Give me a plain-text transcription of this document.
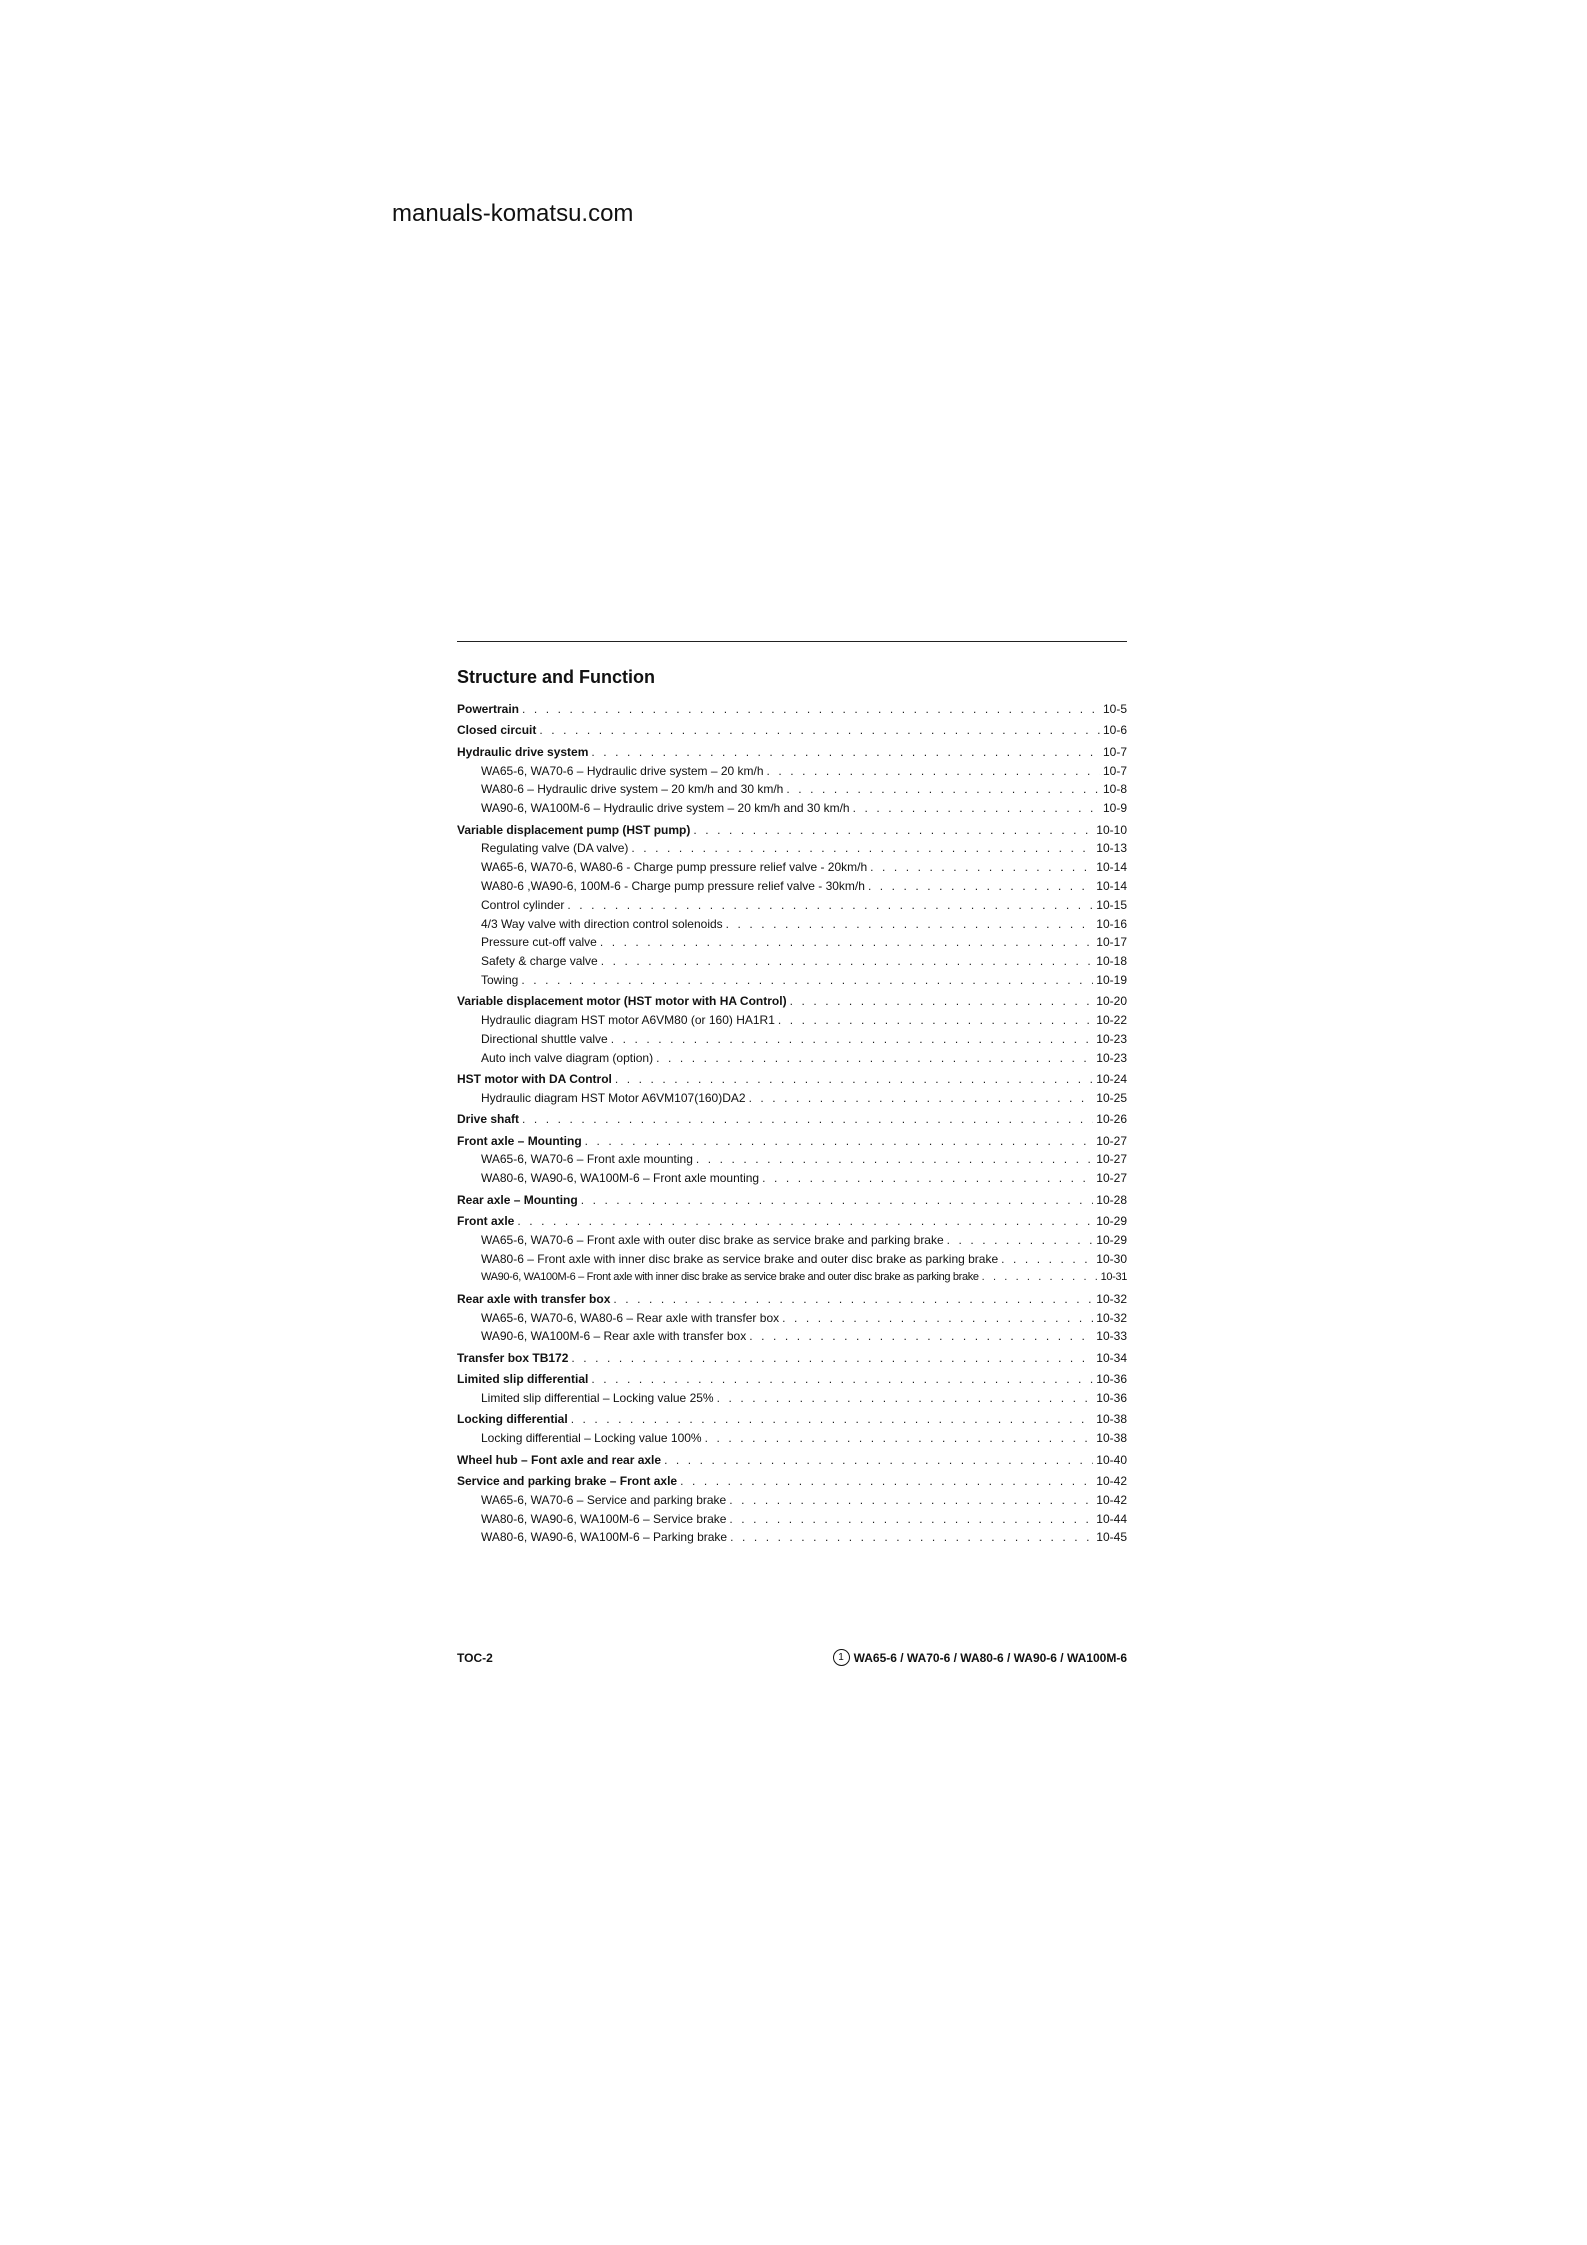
manuals-komatsu.com
Structure and Function
Powertrain . . .	10-5
Closed circuit . . .	10-6
Hydraulic drive system . . .	10-7
WA65-6, WA70-6 – Hydraulic drive system – 20 km/h . . .	10-7
WA80-6 – Hydraulic drive system – 20 km/h and 30 km/h . . .	10-8
WA90-6, WA100M-6 – Hydraulic drive system – 20 km/h and 30 km/h . . .	10-9
Variable displacement pump (HST pump) . . .	10-10
Regulating valve (DA valve) . . .	10-13
WA65-6, WA70-6, WA80-6 - Charge pump pressure relief valve - 20km/h . . .	10-14
WA80-6 ,WA90-6, 100M-6 - Charge pump pressure relief valve - 30km/h . . .	10-14
Control cylinder . . .	10-15
4/3 Way valve with direction control solenoids . . .	10-16
Pressure cut-off valve . . .	10-17
Safety & charge valve . . .	10-18
Towing . . .	10-19
Variable displacement motor (HST motor with HA Control) . . .	10-20
Hydraulic diagram HST motor A6VM80 (or 160) HA1R1 . . .	10-22
Directional shuttle valve . . .	10-23
Auto inch valve diagram (option) . . .	10-23
HST motor with DA Control . . .	10-24
Hydraulic diagram HST Motor A6VM107(160)DA2 . . .	10-25
Drive shaft . . .	10-26
Front axle – Mounting . . .	10-27
WA65-6, WA70-6 – Front axle mounting . . .	10-27
WA80-6, WA90-6, WA100M-6 – Front axle mounting . . .	10-27
Rear axle – Mounting . . .	10-28
Front axle . . .	10-29
WA65-6, WA70-6 – Front axle with outer disc brake as service brake and parking brake . . .	10-29
WA80-6 – Front axle with inner disc brake as service brake and outer disc brake as parking brake . . .	10-30
WA90-6, WA100M-6 – Front axle with inner disc brake as service brake and outer disc brake as parking brake . . .	10-31
Rear axle with transfer box . . .	10-32
WA65-6, WA70-6, WA80-6 – Rear axle with transfer box . . .	10-32
WA90-6, WA100M-6 – Rear axle with transfer box . . .	10-33
Transfer box TB172 . . .	10-34
Limited slip differential . . .	10-36
Limited slip differential – Locking value 25% . . .	10-36
Locking differential . . .	10-38
Locking differential – Locking value 100% . . .	10-38
Wheel hub – Font axle and rear axle . . .	10-40
Service and parking brake – Front axle . . .	10-42
WA65-6, WA70-6 – Service and parking brake . . .	10-42
WA80-6, WA90-6, WA100M-6 – Service brake . . .	10-44
WA80-6, WA90-6, WA100M-6 – Parking brake . . .	10-45
TOC-2	1 WA65-6 / WA70-6 / WA80-6 / WA90-6 / WA100M-6
